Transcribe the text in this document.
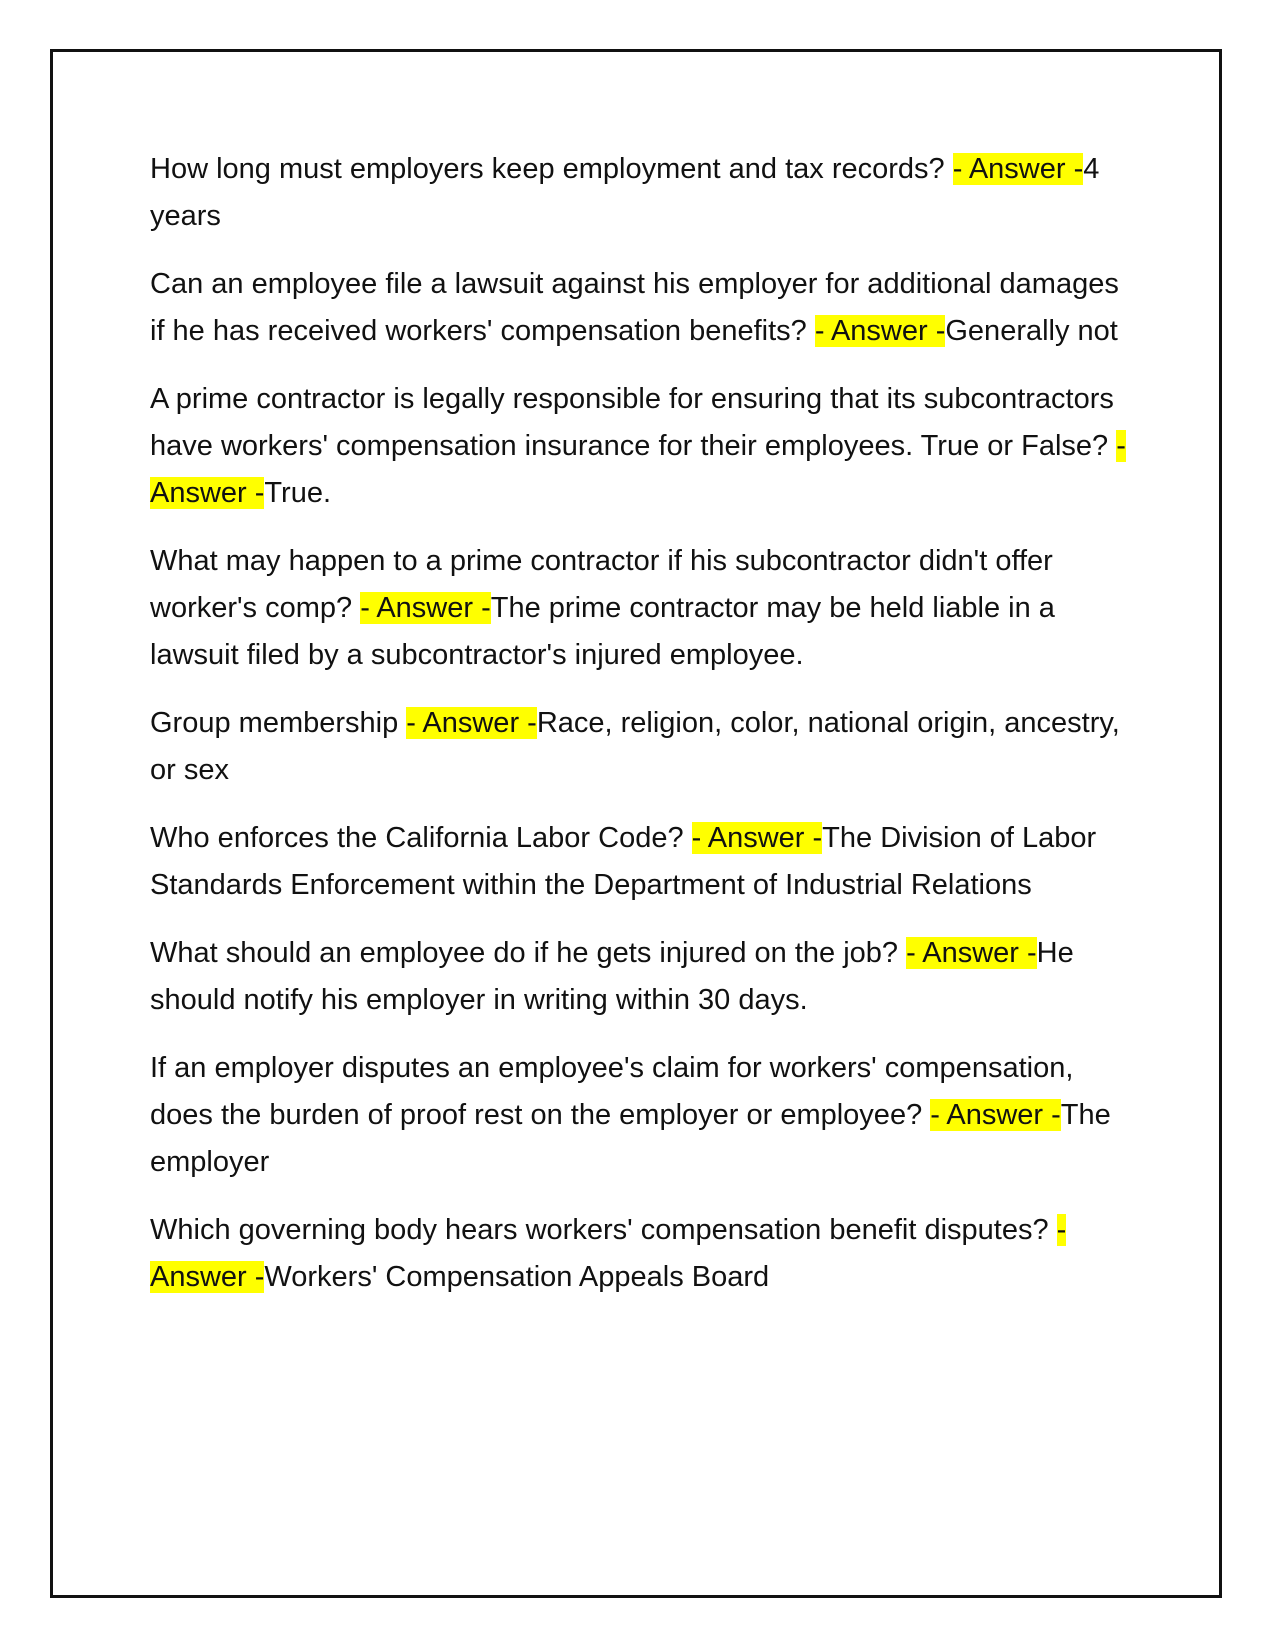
How long must employers keep employment and tax records? - Answer -4 years

Can an employee file a lawsuit against his employer for additional damages if he has received workers' compensation benefits? - Answer -Generally not

A prime contractor is legally responsible for ensuring that its subcontractors have workers' compensation insurance for their employees. True or False? - Answer -True.

What may happen to a prime contractor if his subcontractor didn't offer worker's comp? - Answer -The prime contractor may be held liable in a lawsuit filed by a subcontractor's injured employee.

Group membership - Answer -Race, religion, color, national origin, ancestry, or sex

Who enforces the California Labor Code? - Answer -The Division of Labor Standards Enforcement within the Department of Industrial Relations

What should an employee do if he gets injured on the job? - Answer -He should notify his employer in writing within 30 days.

If an employer disputes an employee's claim for workers' compensation, does the burden of proof rest on the employer or employee? - Answer -The employer

Which governing body hears workers' compensation benefit disputes? - Answer -Workers' Compensation Appeals Board
